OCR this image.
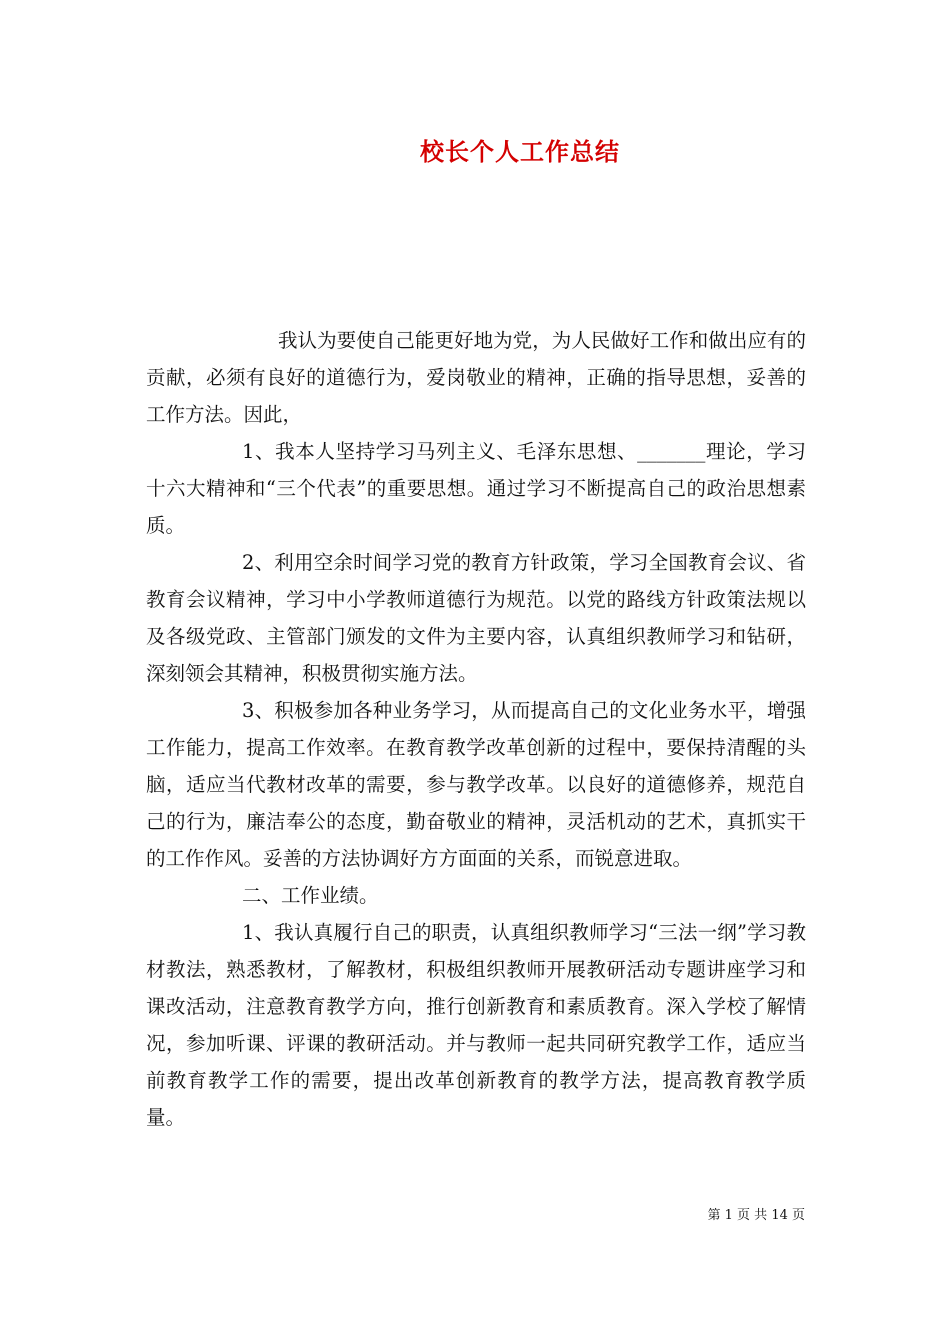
校长个人工作总结

我认为要使自己能更好地为党，为人民做好工作和做出应有的贡献，必须有良好的道德行为，爱岗敬业的精神，正确的指导思想，妥善的工作方法。因此，

1、我本人坚持学习马列主义、毛泽东思想、_______理论，学习十六大精神和“三个代表”的重要思想。通过学习不断提高自己的政治思想素质。

2、利用空余时间学习党的教育方针政策，学习全国教育会议、省教育会议精神，学习中小学教师道德行为规范。以党的路线方针政策法规以及各级党政、主管部门颁发的文件为主要内容，认真组织教师学习和钻研，深刻领会其精神，积极贯彻实施方法。

3、积极参加各种业务学习，从而提高自己的文化业务水平，增强工作能力，提高工作效率。在教育教学改革创新的过程中，要保持清醒的头脑，适应当代教材改革的需要，参与教学改革。以良好的道德修养，规范自己的行为，廉洁奉公的态度，勤奋敬业的精神，灵活机动的艺术，真抓实干的工作作风。妥善的方法协调好方方面面的关系，而锐意进取。

二、工作业绩。

1、我认真履行自己的职责，认真组织教师学习“三法一纲”学习教材教法，熟悉教材，了解教材，积极组织教师开展教研活动专题讲座学习和课改活动，注意教育教学方向，推行创新教育和素质教育。深入学校了解情况，参加听课、评课的教研活动。并与教师一起共同研究教学工作，适应当前教育教学工作的需要，提出改革创新教育的教学方法，提高教育教学质量。

第 1 页 共 14 页
